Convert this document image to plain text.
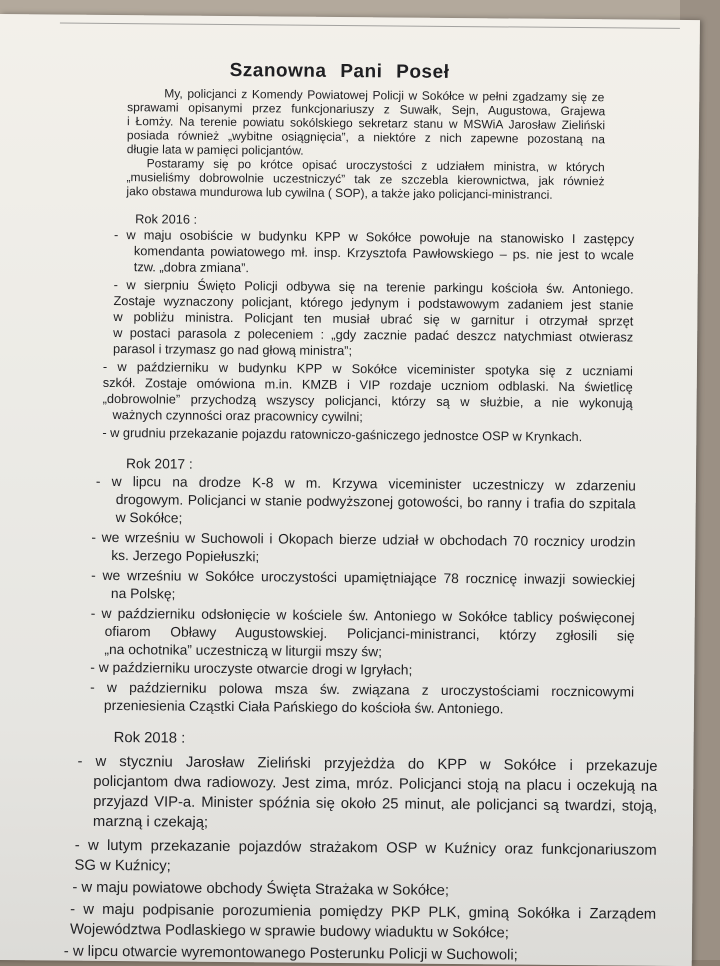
Szanowna Pani Poseł
My, policjanci z Komendy Powiatowej Policji w Sokółce w pełni zgadzamy się ze
sprawami opisanymi przez funkcjonariuszy z Suwałk, Sejn, Augustowa, Grajewa
i Łomży. Na terenie powiatu sokólskiego sekretarz stanu w MSWiA Jarosław Zieliński
posiada również „wybitne osiągnięcia”, a niektóre z nich zapewne pozostaną na
długie lata w pamięci policjantów.
Postaramy się po krótce opisać uroczystości z udziałem ministra, w których
„musieliśmy dobrowolnie uczestniczyć” tak ze szczebla kierownictwa, jak również
jako obstawa mundurowa lub cywilna ( SOP), a także jako policjanci-ministranci.
Rok 2016 :
- w maju osobiście w budynku KPP w Sokółce powołuje na stanowisko I zastępcy
komendanta powiatowego mł. insp. Krzysztofa Pawłowskiego – ps. nie jest to wcale
tzw. „dobra zmiana”.
- w sierpniu Święto Policji odbywa się na terenie parkingu kościoła św. Antoniego.
Zostaje wyznaczony policjant, którego jedynym i podstawowym zadaniem jest stanie
w pobliżu ministra. Policjant ten musiał ubrać się w garnitur i otrzymał sprzęt
w postaci parasola z poleceniem : „gdy zacznie padać deszcz natychmiast otwierasz
parasol i trzymasz go nad głową ministra”;
- w październiku w budynku KPP w Sokółce viceminister spotyka się z uczniami
szkół. Zostaje omówiona m.in. KMZB i VIP rozdaje uczniom odblaski. Na świetlicę
„dobrowolnie” przychodzą wszyscy policjanci, którzy są w służbie, a nie wykonują
ważnych czynności oraz pracownicy cywilni;
- w grudniu przekazanie pojazdu ratowniczo-gaśniczego jednostce OSP w Krynkach.
Rok 2017 :
- w lipcu na drodze K-8 w m. Krzywa viceminister uczestniczy w zdarzeniu
drogowym. Policjanci w stanie podwyższonej gotowości, bo ranny i trafia do szpitala
w Sokółce;
- we wrześniu w Suchowoli i Okopach bierze udział w obchodach 70 rocznicy urodzin
ks. Jerzego Popiełuszki;
- we wrześniu w Sokółce uroczystości upamiętniające 78 rocznicę inwazji sowieckiej
na Polskę;
- w październiku odsłonięcie w kościele św. Antoniego w Sokółce tablicy poświęconej
ofiarom Obławy Augustowskiej. Policjanci-ministranci, którzy zgłosili się
„na ochotnika” uczestniczą w liturgii mszy św;
- w październiku uroczyste otwarcie drogi w Igryłach;
- w październiku polowa msza św. związana z uroczystościami rocznicowymi
przeniesienia Cząstki Ciała Pańskiego do kościoła św. Antoniego.
Rok 2018 :
- w styczniu Jarosław Zieliński przyjeżdża do KPP w Sokółce i przekazuje
policjantom dwa radiowozy. Jest zima, mróz. Policjanci stoją na placu i oczekują na
przyjazd VIP-a. Minister spóźnia się około 25 minut, ale policjanci są twardzi, stoją,
marzną i czekają;
- w lutym przekazanie pojazdów strażakom OSP w Kuźnicy oraz funkcjonariuszom
SG w Kuźnicy;
- w maju powiatowe obchody Święta Strażaka w Sokółce;
- w maju podpisanie porozumienia pomiędzy PKP PLK, gminą Sokółka i Zarządem
Województwa Podlaskiego w sprawie budowy wiaduktu w Sokółce;
- w lipcu otwarcie wyremontowanego Posterunku Policji w Suchowoli;
